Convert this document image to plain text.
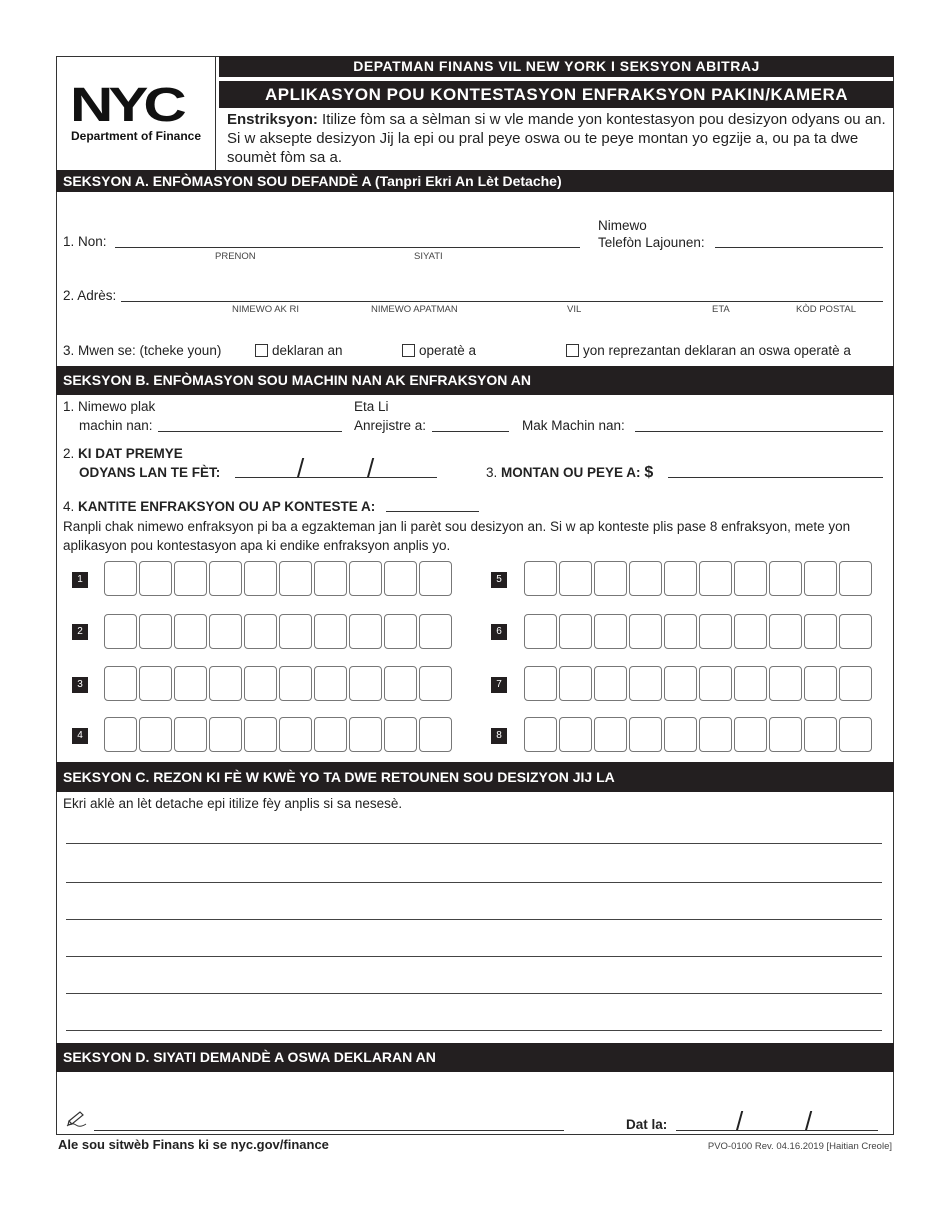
NYC
Department of Finance
DEPATMAN FINANS VIL NEW YORK I SEKSYON ABITRAJ
APLIKASYON POU KONTESTASYON ENFRAKSYON PAKIN/KAMERA
Enstriksyon: Itilize fòm sa a sèlman si w vle mande yon kontestasyon pou desizyon odyans ou an. Si w aksepte desizyon Jij la epi ou pral peye oswa ou te peye montan yo egzije a, ou pa ta dwe soumèt fòm sa a.
SEKSYON A. ENFÒMASYON SOU DEFANDÈ A (Tanpri Ekri An Lèt Detache)
1. Non:
PRENON	SIYATI
Nimewo
Telefòn Lajounen:
2. Adrès:
NIMEWO AK RI	NIMEWO APATMAN	VIL	ETA	KÒD POSTAL
3. Mwen se: (tcheke youn)	deklaran an	operatè a	yon reprezantan deklaran an oswa operatè a
SEKSYON B. ENFÒMASYON SOU MACHIN NAN AK ENFRAKSYON AN
1. Nimewo plak
machin nan:
Eta Li
Anrejistre a:	Mak Machin nan:
2. KI DAT PREMYE
ODYANS LAN TE FÈT:	/ /	3. MONTAN OU PEYE A: $
4. KANTITE ENFRAKSYON OU AP KONTESTE A:
Ranpli chak nimewo enfraksyon pi ba a egzakteman jan li parèt sou desizyon an. Si w ap konteste plis pase 8 enfraksyon, mete yon aplikasyon pou kontestasyon apa ki endike enfraksyon anplis yo.
1
2
3
4
5
6
7
8
SEKSYON C. REZON KI FÈ W KWÈ YO TA DWE RETOUNEN SOU DESIZYON JIJ LA
Ekri aklè an lèt detache epi itilize fèy anplis si sa nesesè.
SEKSYON D. SIYATI DEMANDÈ A OSWA DEKLARAN AN
Dat la:	/ /
Ale sou sitwèb Finans ki se nyc.gov/finance	PVO-0100 Rev. 04.16.2019 [Haitian Creole]
